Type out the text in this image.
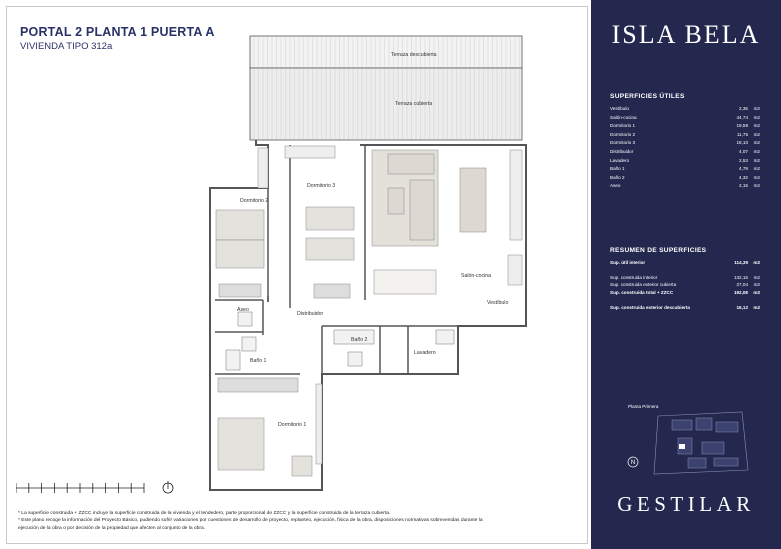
PORTAL 2 PLANTA 1 PUERTA A
VIVIENDA TIPO 312a
Terraza descubierta
Terraza cubierta
Dormitorio 2
Dormitorio 3
Salón-cocina
Vestíbulo
Distribuidor
Aseo
Baño 1
Baño 2
Lavadero
Dormitorio 1

* La superficie construida + ZZCC incluye la superficie construida de la vivienda y el tendedero, parte proporcional de ZZCC y la superficie construida de la terraza cubierta.

* Este plano recoge la información del Proyecto Básico, pudiendo sufrir variaciones por cuestiones de desarrollo de proyecto, replanteo, ejecución, física de la obra, disposiciones normativas sobrevenidas durante la ejecución de la obra o por decisión de la propiedad que afecten al conjunto de la obra.

ISLA BELA
SUPERFICIES ÚTILES
Vestíbulo	2,35 m2
Salón-cocina	44,74 m2
Dormitorio 1	19,59 m2
Dormitorio 2	11,75 m2
Dormitorio 3	18,10 m2
Distribuidor	4,07 m2
Lavadero	2,53 m2
Baño 1	4,79 m2
Baño 2	4,32 m2
Aseo	2,15 m2
RESUMEN DE SUPERFICIES
Sup. útil interior	114,39 m2
Sup. construida interior	132,16 m2
Sup. construida exterior cubierta	27,04 m2
Sup. construida total + ZZCC	192,08 m2
Sup. construida exterior descubierta	16,12 m2
Planta Primera
N
GESTILAR
